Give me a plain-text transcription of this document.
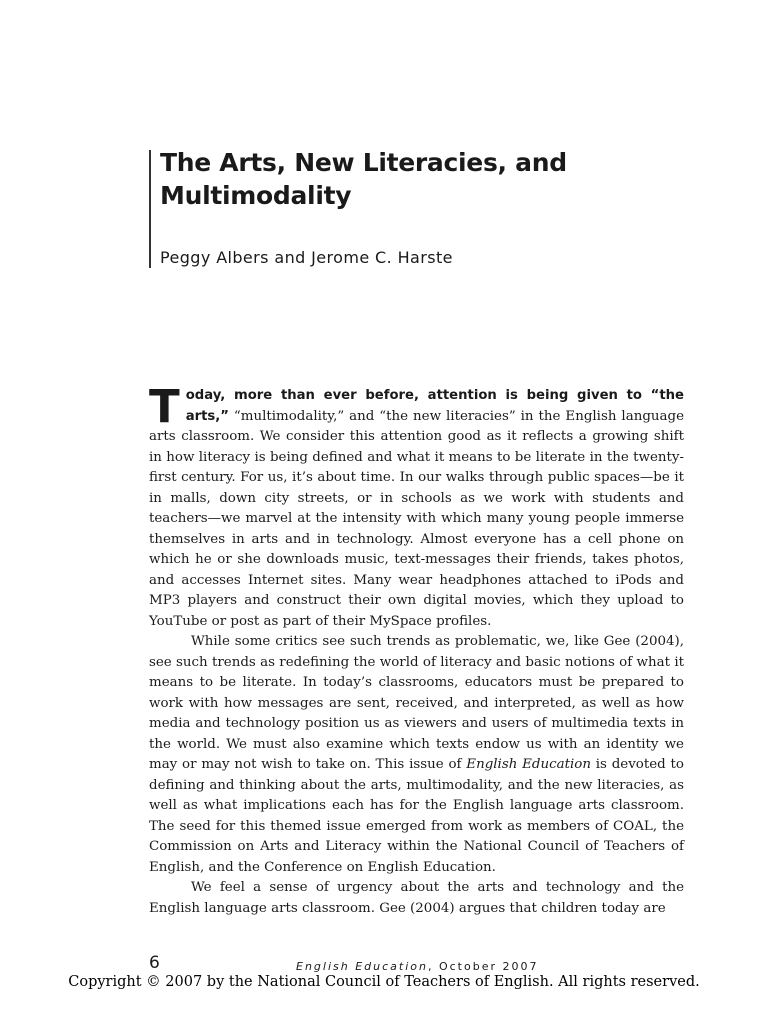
The Arts, New Literacies, and
Multimodality
Peggy Albers and Jerome C. Harste

Today, more than ever before, attention is being given to “the arts,” “multimodality,” and “the new literacies” in the English language arts classroom. We consider this attention good as it reflects a growing shift in how literacy is being defined and what it means to be literate in the twenty-first century. For us, it’s about time. In our walks through public spaces—be it in malls, down city streets, or in schools as we work with students and teachers—we marvel at the intensity with which many young people immerse themselves in arts and in technology. Almost everyone has a cell phone on which he or she downloads music, text-messages their friends, takes photos, and accesses Internet sites. Many wear headphones attached to iPods and MP3 players and construct their own digital movies, which they upload to YouTube or post as part of their MySpace profiles.

While some critics see such trends as problematic, we, like Gee (2004), see such trends as redefining the world of literacy and basic notions of what it means to be literate. In today’s classrooms, educators must be prepared to work with how messages are sent, received, and interpreted, as well as how media and technology position us as viewers and users of multimedia texts in the world. We must also examine which texts endow us with an identity we may or may not wish to take on. This issue of English Education is devoted to defining and thinking about the arts, multimodality, and the new literacies, as well as what implications each has for the English language arts classroom. The seed for this themed issue emerged from work as members of COAL, the Commission on Arts and Literacy within the National Council of Teachers of English, and the Conference on English Education.

We feel a sense of urgency about the arts and technology and the English language arts classroom. Gee (2004) argues that children today are

6	English Education, October 2007
Copyright © 2007 by the National Council of Teachers of English. All rights reserved.
